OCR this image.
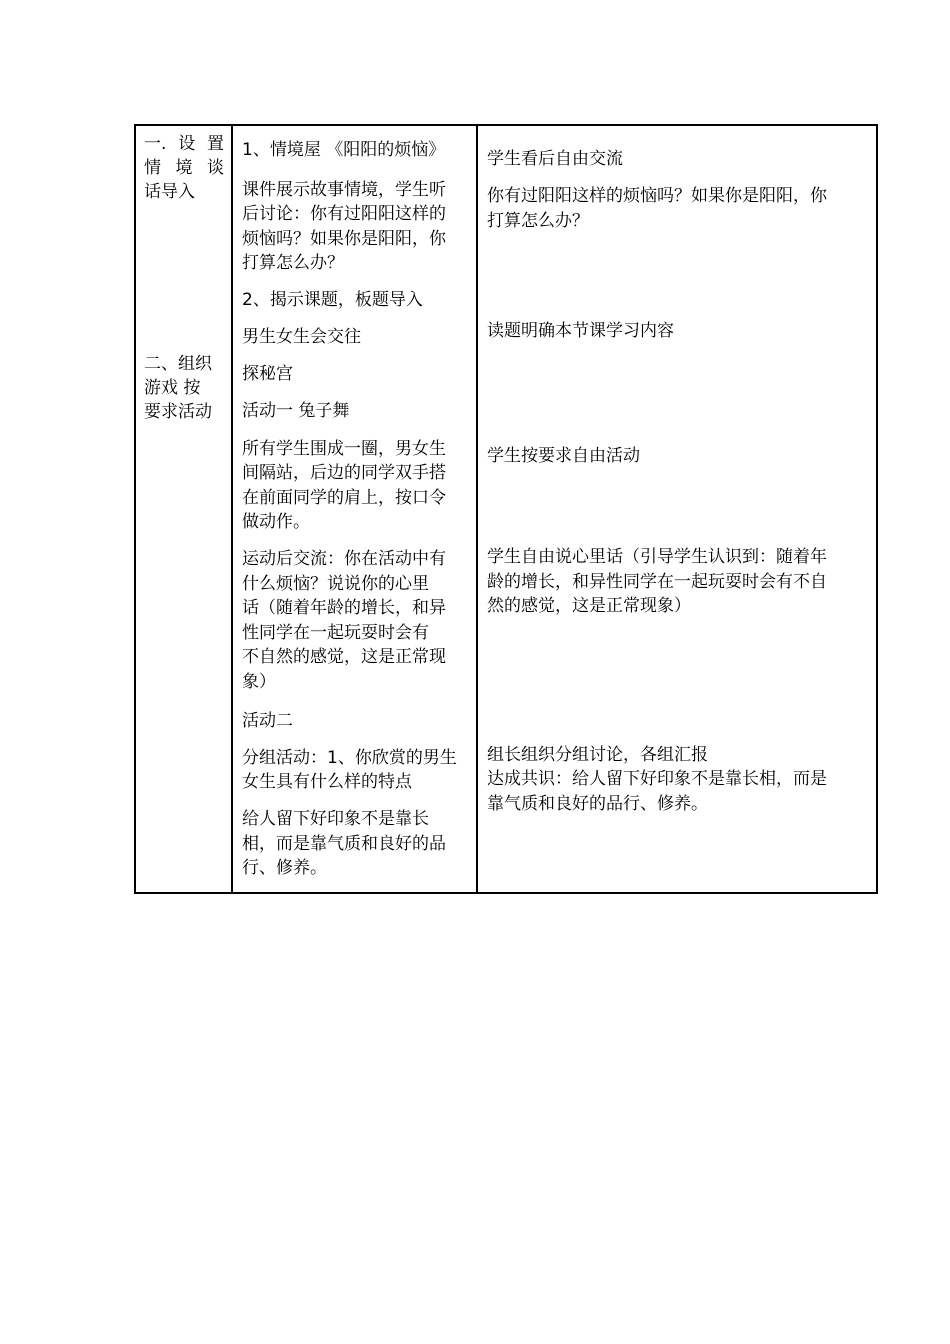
一. 设 置
情 境 谈
话导入
二、组织
游戏 按
要求活动
1、情境屋 《阳阳的烦恼》
课件展示故事情境，学生听
后讨论：你有过阳阳这样的
烦恼吗？如果你是阳阳，你
打算怎么办？
2、揭示课题，板题导入
男生女生会交往
探秘宫
活动一 兔子舞
所有学生围成一圈，男女生
间隔站，后边的同学双手搭
在前面同学的肩上，按口令
做动作。
运动后交流：你在活动中有
什么烦恼？说说你的心里
话（随着年龄的增长，和异
性同学在一起玩耍时会有
不自然的感觉，这是正常现
象）
活动二
分组活动：1、你欣赏的男生
女生具有什么样的特点
给人留下好印象不是靠长
相，而是靠气质和良好的品
行、修养。
学生看后自由交流
你有过阳阳这样的烦恼吗？如果你是阳阳，你
打算怎么办？
读题明确本节课学习内容
学生按要求自由活动
学生自由说心里话（引导学生认识到：随着年
龄的增长，和异性同学在一起玩耍时会有不自
然的感觉，这是正常现象）
组长组织分组讨论，各组汇报
达成共识：给人留下好印象不是靠长相，而是
靠气质和良好的品行、修养。
